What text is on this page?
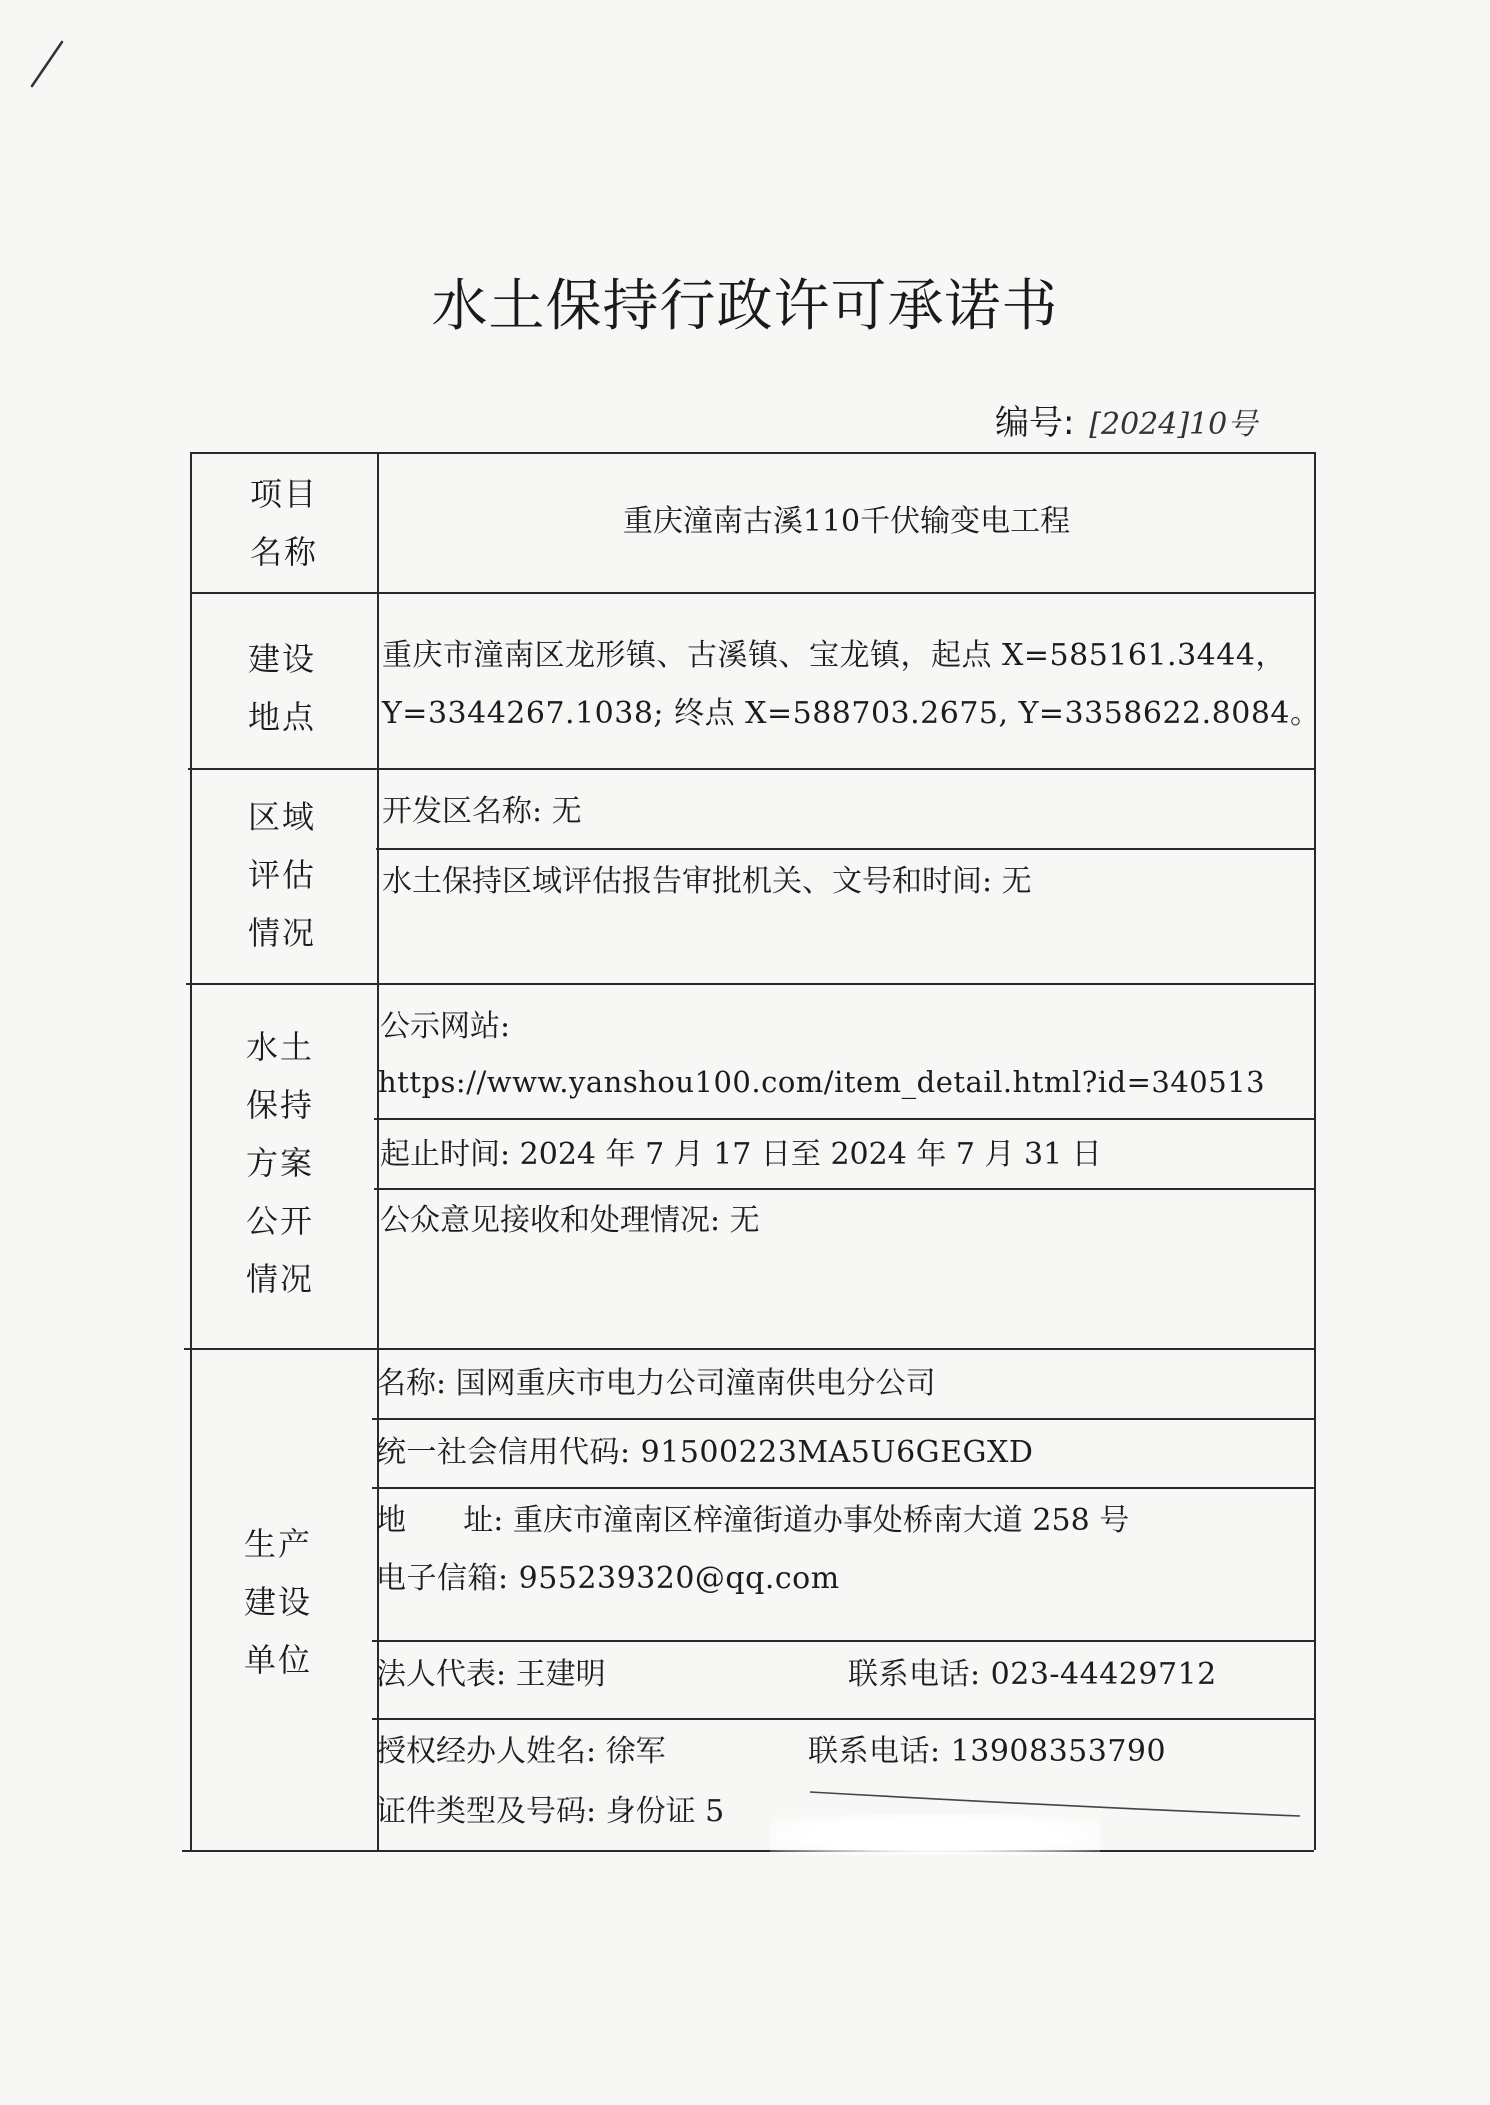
水土保持行政许可承诺书
编号: [2024]10号
项目
名称
重庆潼南古溪110千伏输变电工程
建设
地点
重庆市潼南区龙形镇、古溪镇、宝龙镇，起点 X=585161.3444，
Y=3344267.1038; 终点 X=588703.2675, Y=3358622.8084。
区域
评估
情况
开发区名称: 无
水土保持区域评估报告审批机关、文号和时间: 无
水土
保持
方案
公开
情况
公示网站:
https://www.yanshou100.com/item_detail.html?id=340513
起止时间: 2024 年 7 月 17 日至 2024 年 7 月 31 日
公众意见接收和处理情况: 无
生产
建设
单位
名称: 国网重庆市电力公司潼南供电分公司
统一社会信用代码: 91500223MA5U6GEGXD
地      址: 重庆市潼南区梓潼街道办事处桥南大道 258 号
电子信箱: 955239320@qq.com
法人代表: 王建明	联系电话: 023-44429712
授权经办人姓名: 徐军	联系电话: 13908353790
证件类型及号码: 身份证 5
